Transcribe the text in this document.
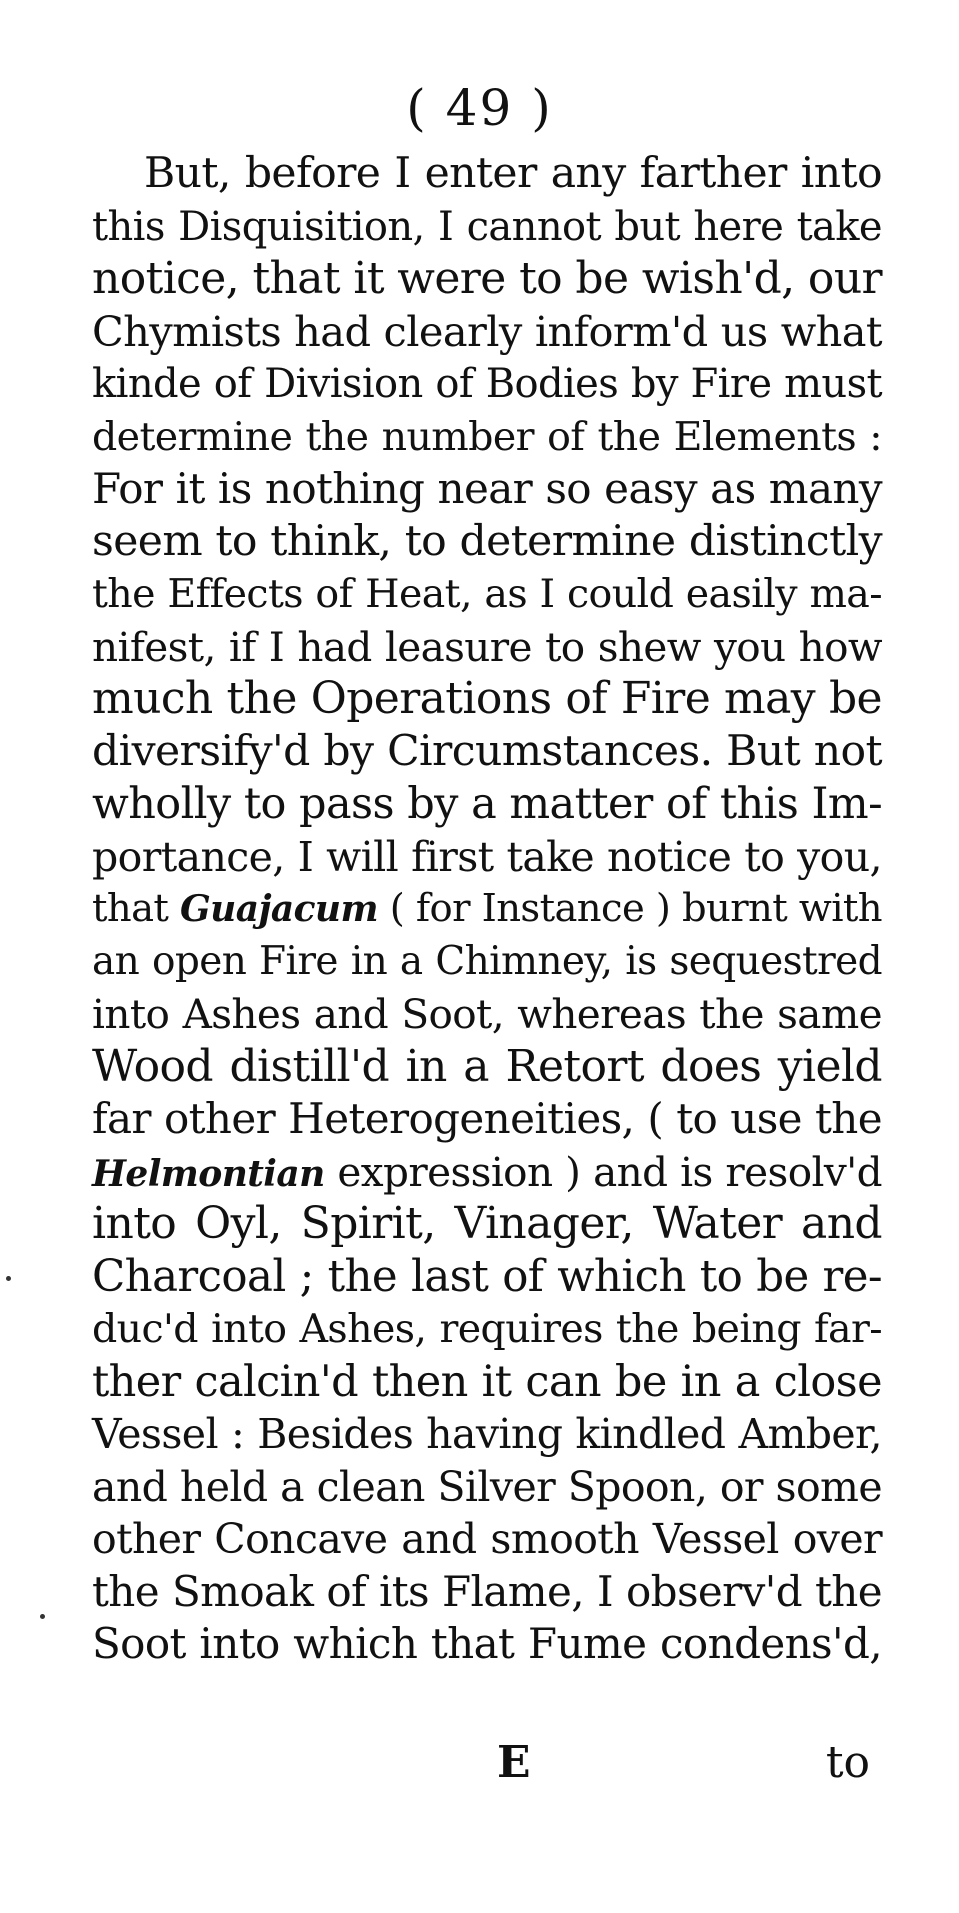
( 49 )
But, before I enter any farther into
this Disquisition, I cannot but here take
notice, that it were to be wish'd, our
Chymists had clearly inform'd us what
kinde of Division of Bodies by Fire must
determine the number of the Elements :
For it is nothing near so easy as many
seem to think, to determine distinctly
the Effects of Heat, as I could easily ma-
nifest, if I had leasure to shew you how
much the Operations of Fire may be
diversify'd by Circumstances. But not
wholly to pass by a matter of this Im-
portance, I will first take notice to you,
that Guajacum ( for Instance ) burnt with
an open Fire in a Chimney, is sequestred
into Ashes and Soot, whereas the same
Wood distill'd in a Retort does yield
far other Heterogeneities, ( to use the
Helmontian expression ) and is resolv'd
into Oyl, Spirit, Vinager, Water and
Charcoal ; the last of which to be re-
duc'd into Ashes, requires the being far-
ther calcin'd then it can be in a close
Vessel : Besides having kindled Amber,
and held a clean Silver Spoon, or some
other Concave and smooth Vessel over
the Smoak of its Flame, I observ'd the
Soot into which that Fume condens'd,
E	to
